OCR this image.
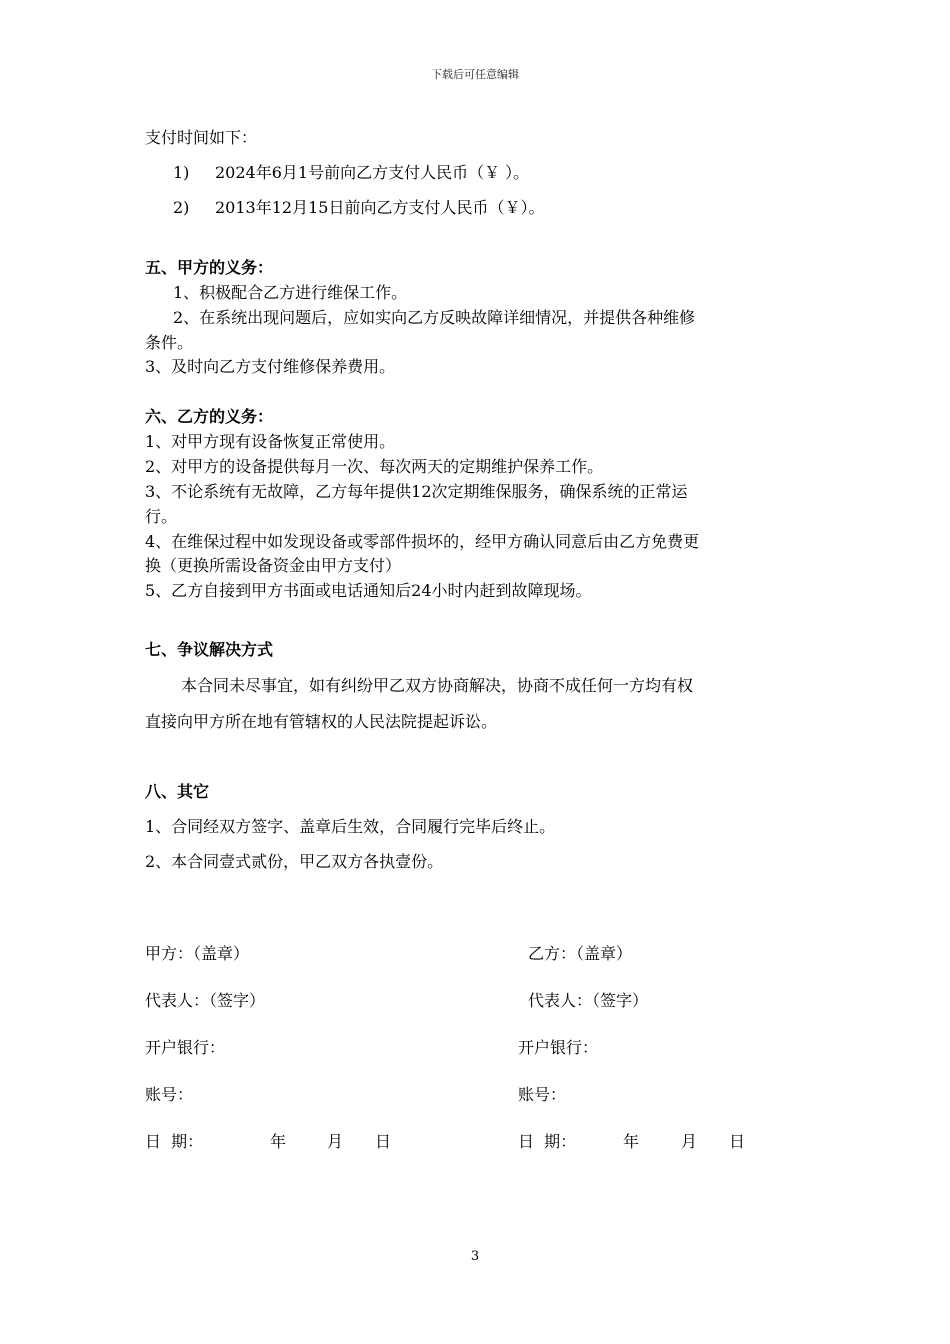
下载后可任意编辑
支付时间如下：
1) 2024年6月1号前向乙方支付人民币（￥ ）。
2) 2013年12月15日前向乙方支付人民币（￥）。
五、甲方的义务：
1、积极配合乙方进行维保工作。
2、在系统出现问题后，应如实向乙方反映故障详细情况，并提供各种维修
条件。
3、及时向乙方支付维修保养费用。
六、乙方的义务：
1、对甲方现有设备恢复正常使用。
2、对甲方的设备提供每月一次、每次两天的定期维护保养工作。
3、不论系统有无故障，乙方每年提供12次定期维保服务，确保系统的正常运
行。
4、在维保过程中如发现设备或零部件损坏的，经甲方确认同意后由乙方免费更
换（更换所需设备资金由甲方支付）
5、乙方自接到甲方书面或电话通知后24小时内赶到故障现场。
七、争议解决方式
本合同未尽事宜，如有纠纷甲乙双方协商解决，协商不成任何一方均有权
直接向甲方所在地有管辖权的人民法院提起诉讼。
八、其它
1、合同经双方签字、盖章后生效，合同履行完毕后终止。
2、本合同壹式贰份，甲乙双方各执壹份。
甲方：（盖章）
代表人：（签字）
开户银行：
账号：
日  期：	年	月 日
乙方：（盖章）
代表人：（签字）
开户银行：
账号：
日  期：	年	月 日
3
